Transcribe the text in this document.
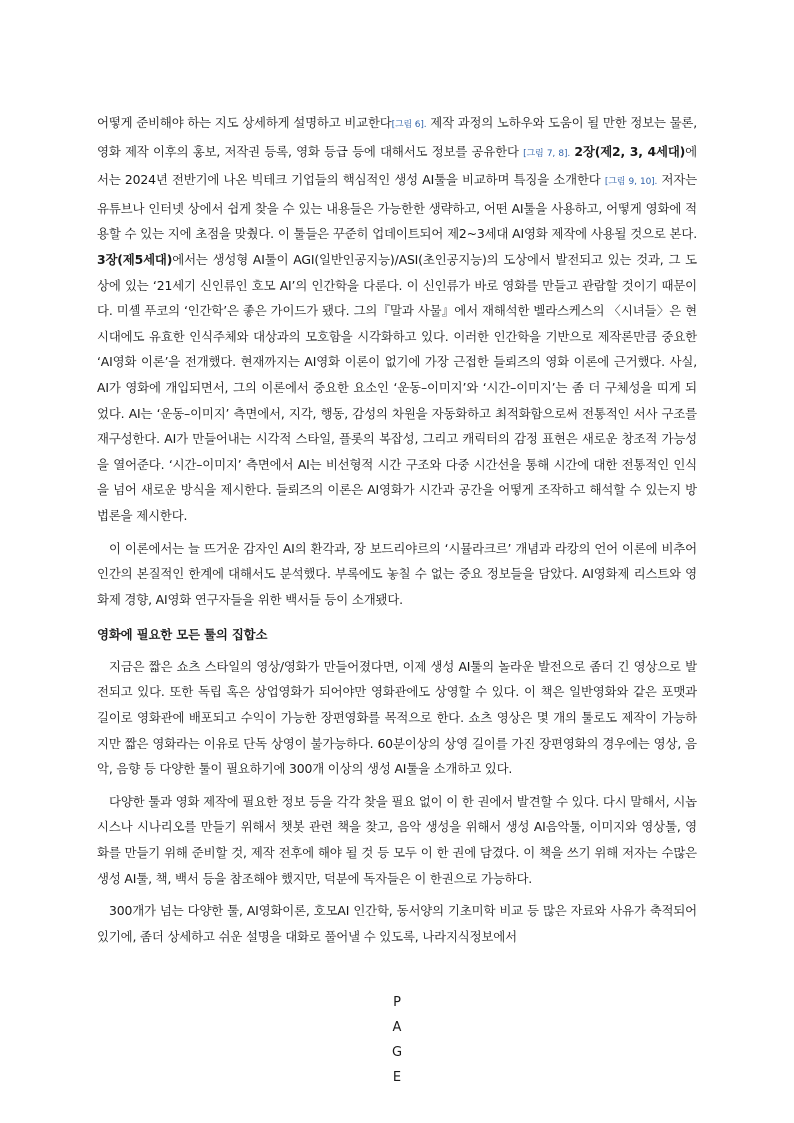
어떻게 준비해야 하는 지도 상세하게 설명하고 비교한다[그림 6]. 제작 과정의 노하우와 도움이 될 만한 정보는 물론, 영화 제작 이후의 홍보, 저작권 등록, 영화 등급 등에 대해서도 정보를 공유한다 [그림 7, 8]. 2장(제2, 3, 4세대)에서는 2024년 전반기에 나온 빅테크 기업들의 핵심적인 생성 AI툴을 비교하며 특징을 소개한다 [그림 9, 10]. 저자는 유튜브나 인터넷 상에서 쉽게 찾을 수 있는 내용들은 가능한한 생략하고, 어떤 AI툴을 사용하고, 어떻게 영화에 적용할 수 있는 지에 초점을 맞췄다. 이 툴들은 꾸준히 업데이트되어 제2~3세대 AI영화 제작에 사용될 것으로 본다. 3장(제5세대)에서는 생성형 AI툴이 AGI(일반인공지능)/ASI(초인공지능)의 도상에서 발전되고 있는 것과, 그 도상에 있는 ‘21세기 신인류인 호모 AI’의 인간학을 다룬다. 이 신인류가 바로 영화를 만들고 관람할 것이기 때문이다. 미셸 푸코의 ‘인간학’은 좋은 가이드가 됐다. 그의『말과 사물』에서 재해석한 벨라스케스의 〈시녀들〉은 현 시대에도 유효한 인식주체와 대상과의 모호함을 시각화하고 있다. 이러한 인간학을 기반으로 제작론만큼 중요한 ‘AI영화 이론’을 전개했다. 현재까지는 AI영화 이론이 없기에 가장 근접한 들뢰즈의 영화 이론에 근거했다. 사실, AI가 영화에 개입되면서, 그의 이론에서 중요한 요소인 ‘운동–이미지’와 ‘시간–이미지’는 좀 더 구체성을 띠게 되었다. AI는 ‘운동–이미지’ 측면에서, 지각, 행동, 감성의 차원을 자동화하고 최적화함으로써 전통적인 서사 구조를 재구성한다. AI가 만들어내는 시각적 스타일, 플롯의 복잡성, 그리고 캐릭터의 감정 표현은 새로운 창조적 가능성을 열어준다. ‘시간–이미지’ 측면에서 AI는 비선형적 시간 구조와 다중 시간선을 통해 시간에 대한 전통적인 인식을 넘어 새로운 방식을 제시한다. 들뢰즈의 이론은 AI영화가 시간과 공간을 어떻게 조작하고 해석할 수 있는지 방법론을 제시한다.

이 이론에서는 늘 뜨거운 감자인 AI의 환각과, 장 보드리야르의 ‘시뮬라크르’ 개념과 라캉의 언어 이론에 비추어 인간의 본질적인 한계에 대해서도 분석했다. 부록에도 놓칠 수 없는 중요 정보들을 담았다. AI영화제 리스트와 영화제 경향, AI영화 연구자들을 위한 백서들 등이 소개됐다.

영화에 필요한 모든 툴의 집합소

지금은 짧은 쇼츠 스타일의 영상/영화가 만들어졌다면, 이제 생성 AI툴의 놀라운 발전으로 좀더 긴 영상으로 발전되고 있다. 또한 독립 혹은 상업영화가 되어야만 영화관에도 상영할 수 있다. 이 책은 일반영화와 같은 포맷과 길이로 영화관에 배포되고 수익이 가능한 장편영화를 목적으로 한다. 쇼츠 영상은 몇 개의 툴로도 제작이 가능하지만 짧은 영화라는 이유로 단독 상영이 불가능하다. 60분이상의 상영 길이를 가진 장편영화의 경우에는 영상, 음악, 음향 등 다양한 툴이 필요하기에 300개 이상의 생성 AI툴을 소개하고 있다.

다양한 툴과 영화 제작에 필요한 정보 등을 각각 찾을 필요 없이 이 한 권에서 발견할 수 있다. 다시 말해서, 시놉시스나 시나리오를 만들기 위해서 챗봇 관련 책을 찾고, 음악 생성을 위해서 생성 AI음악툴, 이미지와 영상툴, 영화를 만들기 위해 준비할 것, 제작 전후에 해야 될 것 등 모두 이 한 권에 담겼다. 이 책을 쓰기 위해 저자는 수많은 생성 AI툴, 책, 백서 등을 참조해야 했지만, 덕분에 독자들은 이 한권으로 가능하다.

300개가 넘는 다양한 툴, AI영화이론, 호모AI 인간학, 동서양의 기초미학 비교 등 많은 자료와 사유가 축적되어 있기에, 좀더 상세하고 쉬운 설명을 대화로 풀어낼 수 있도록, 나라지식정보에서

P
A
G
E
